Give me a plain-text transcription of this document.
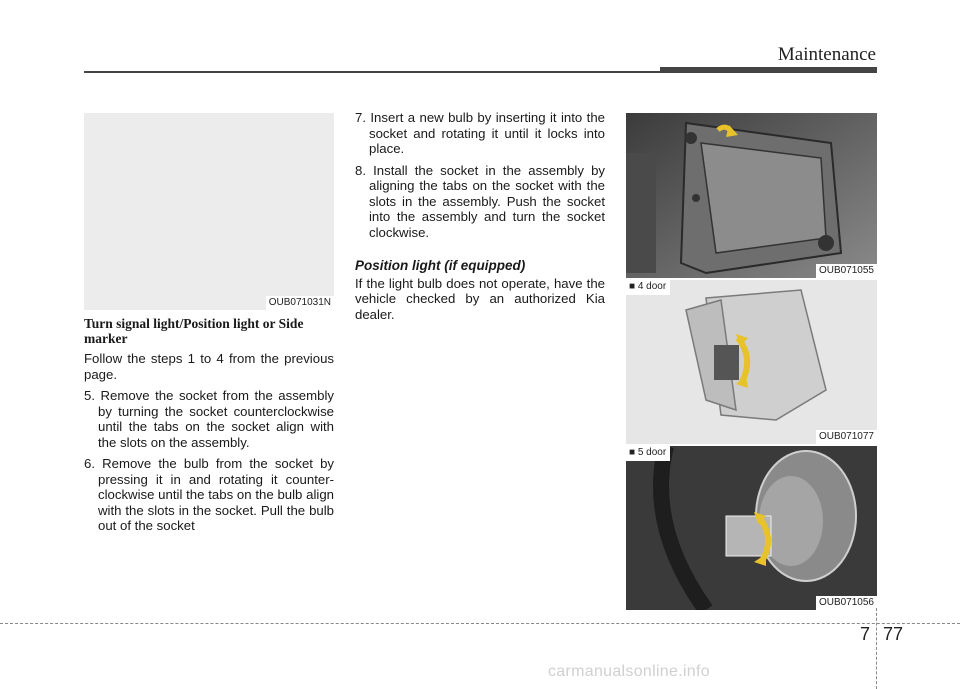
Maintenance
OUB071031N
OUB071055
■ 4 door
OUB071077
■ 5 door
OUB071056

Turn signal light/Position light or Side marker

Follow the steps 1 to 4 from the previous page.

5. Remove the socket from the assembly by turning the socket counterclockwise until the tabs on the socket align with the slots on the assembly.
6. Remove the bulb from the socket by pressing it in and rotating it counter-clockwise until the tabs on the bulb align with the slots in the socket. Pull the bulb out of the socket
7. Insert a new bulb by inserting it into the socket and rotating it until it locks into place.
8. Install the socket in the assembly by aligning the tabs on the socket with the slots in the assembly. Push the socket into the assembly and turn the socket clockwise.

Position light (if equipped)

If the light bulb does not operate, have the vehicle checked by an authorized Kia dealer.

7 77
carmanualsonline.info
